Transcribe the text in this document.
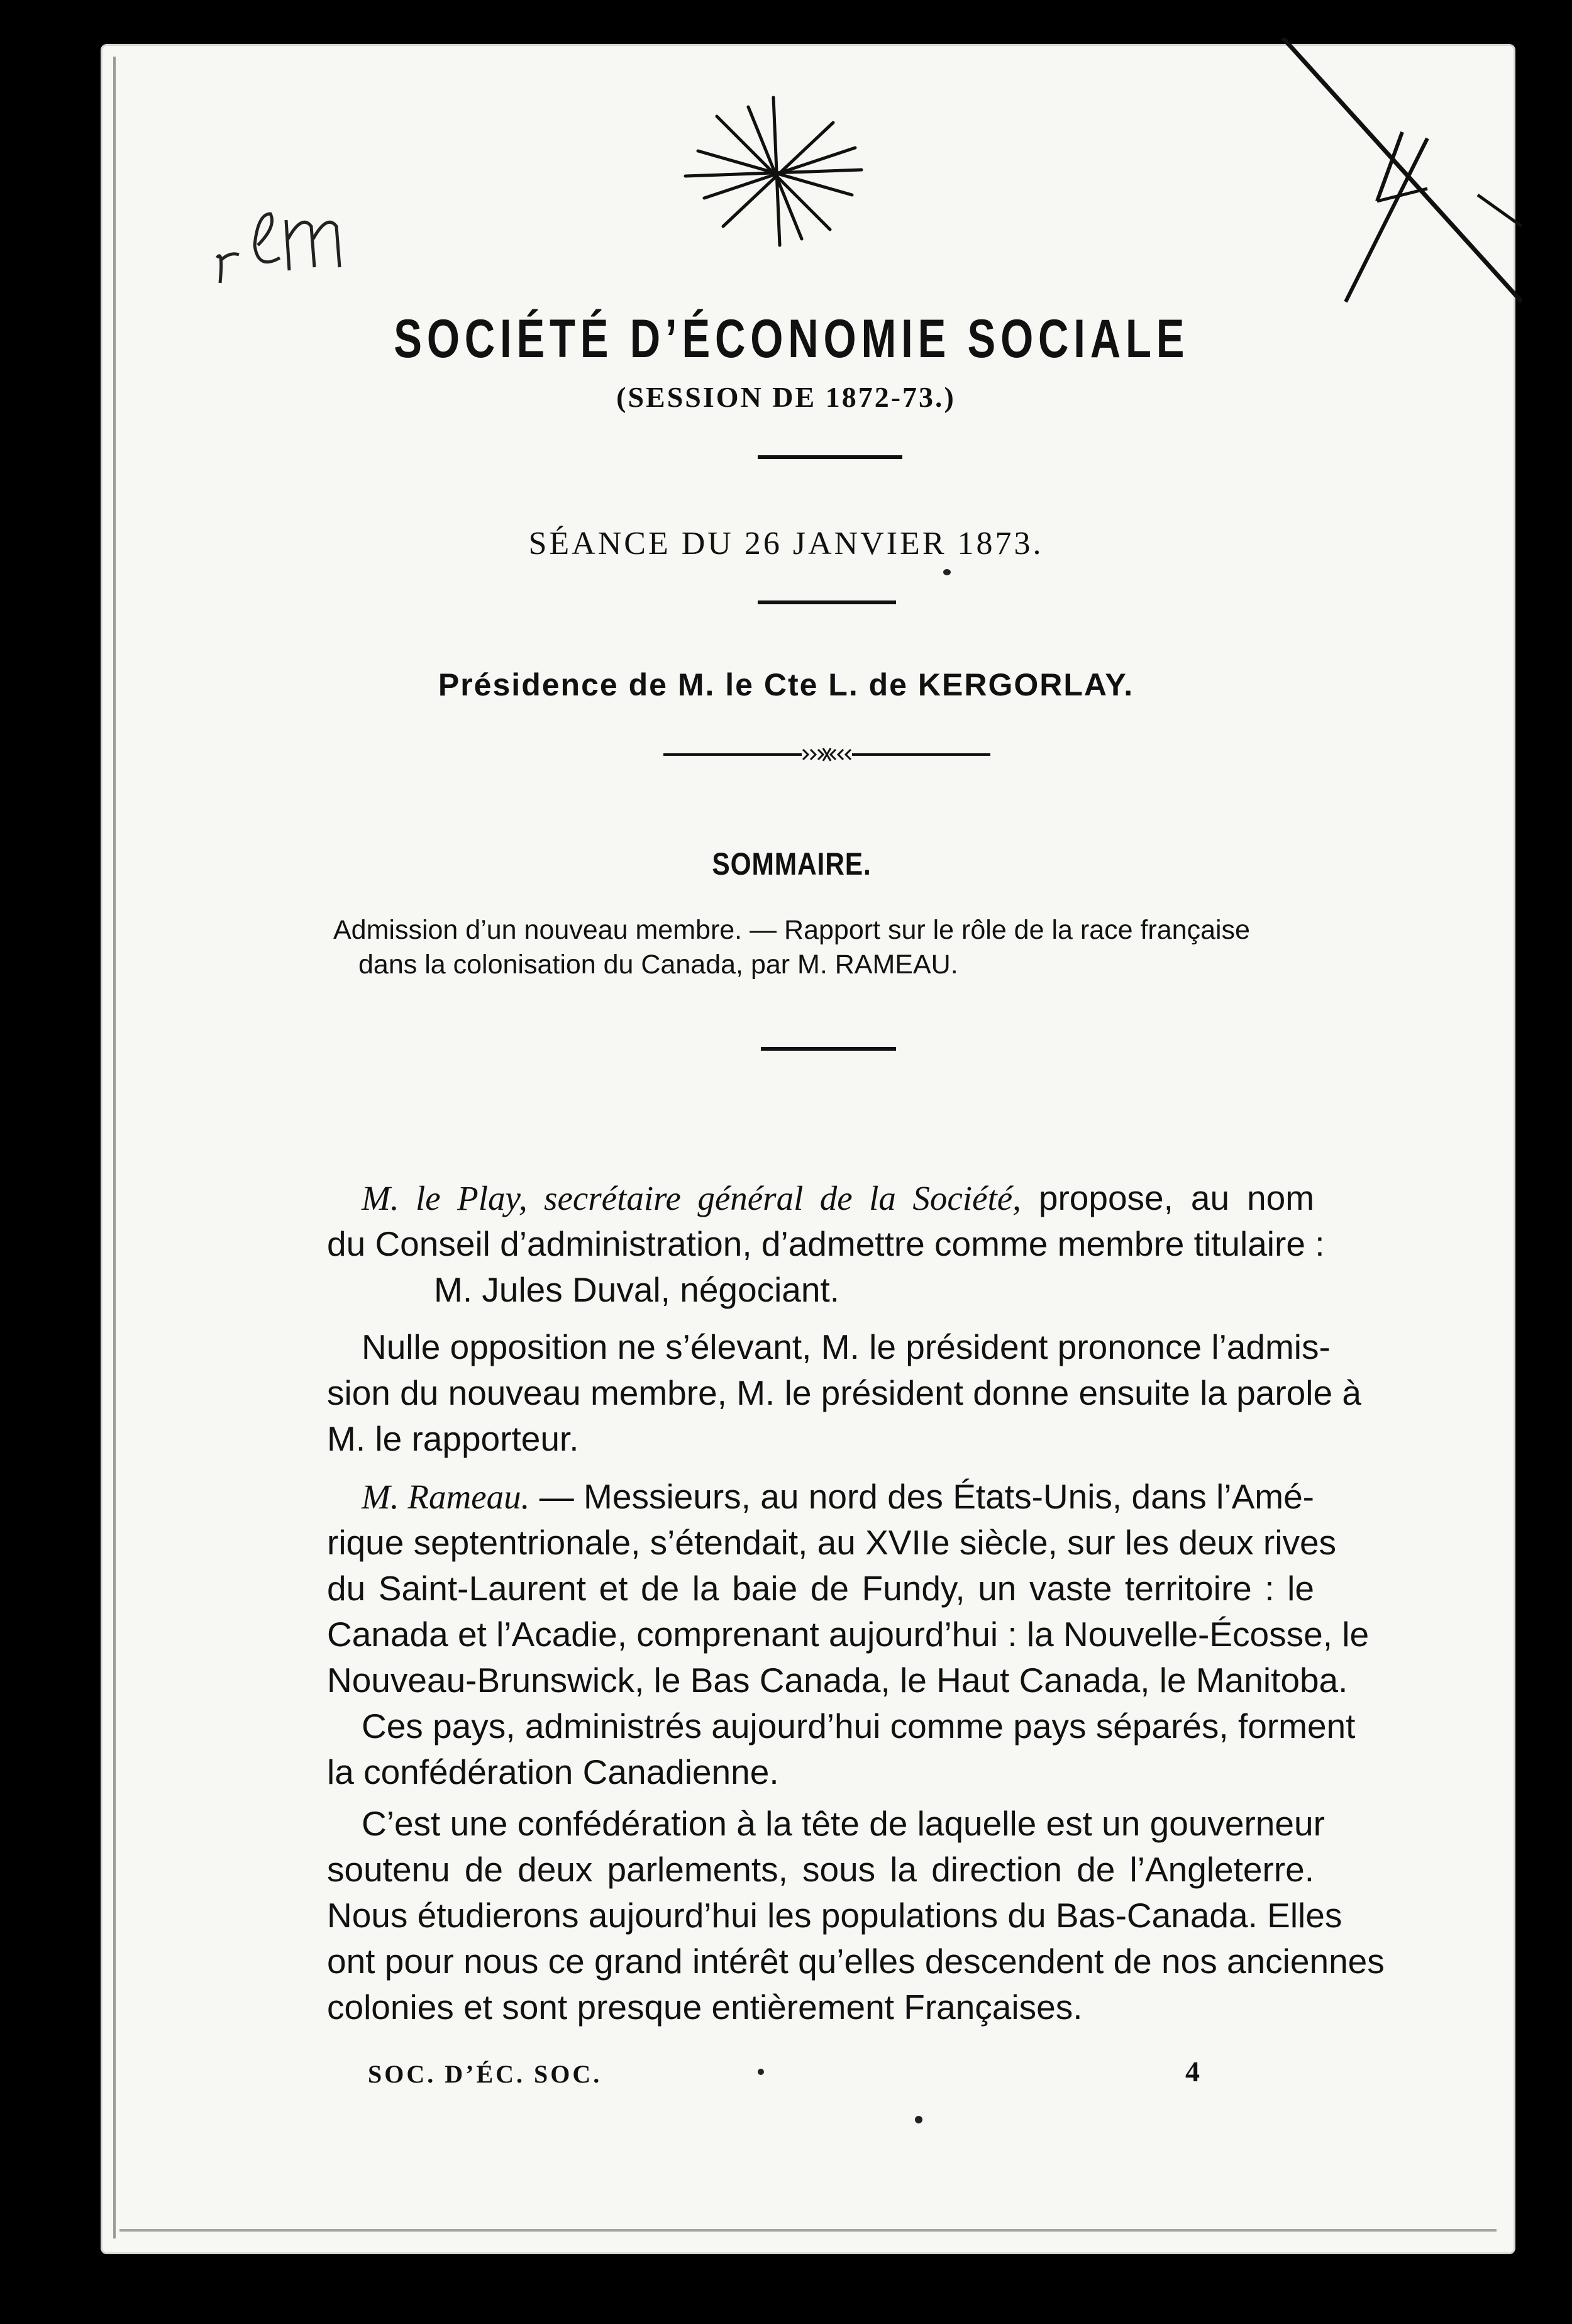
SOCIÉTÉ D’ÉCONOMIE SOCIALE
(SESSION DE 1872-73.)
SÉANCE DU 26 JANVIER 1873.
Présidence de M. le Cte L. de KERGORLAY.
SOMMAIRE.
Admission d’un nouveau membre. — Rapport sur le rôle de la race française
dans la colonisation du Canada, par M. RAMEAU.
M. le Play, secrétaire général de la Société, propose, au nom
du Conseil d’administration, d’admettre comme membre titulaire :
M. Jules Duval, négociant.
Nulle opposition ne s’élevant, M. le président prononce l’admis-
sion du nouveau membre, M. le président donne ensuite la parole à
M. le rapporteur.
M. Rameau. — Messieurs, au nord des États-Unis, dans l’Amé-
rique septentrionale, s’étendait, au XVIIe siècle, sur les deux rives
du Saint-Laurent et de la baie de Fundy, un vaste territoire : le
Canada et l’Acadie, comprenant aujourd’hui : la Nouvelle-Écosse, le
Nouveau-Brunswick, le Bas Canada, le Haut Canada, le Manitoba.
Ces pays, administrés aujourd’hui comme pays séparés, forment
la confédération Canadienne.
C’est une confédération à la tête de laquelle est un gouverneur
soutenu de deux parlements, sous la direction de l’Angleterre.
Nous étudierons aujourd’hui les populations du Bas-Canada. Elles
ont pour nous ce grand intérêt qu’elles descendent de nos anciennes
colonies et sont presque entièrement Françaises.
SOC. D’ÉC. SOC.	4
